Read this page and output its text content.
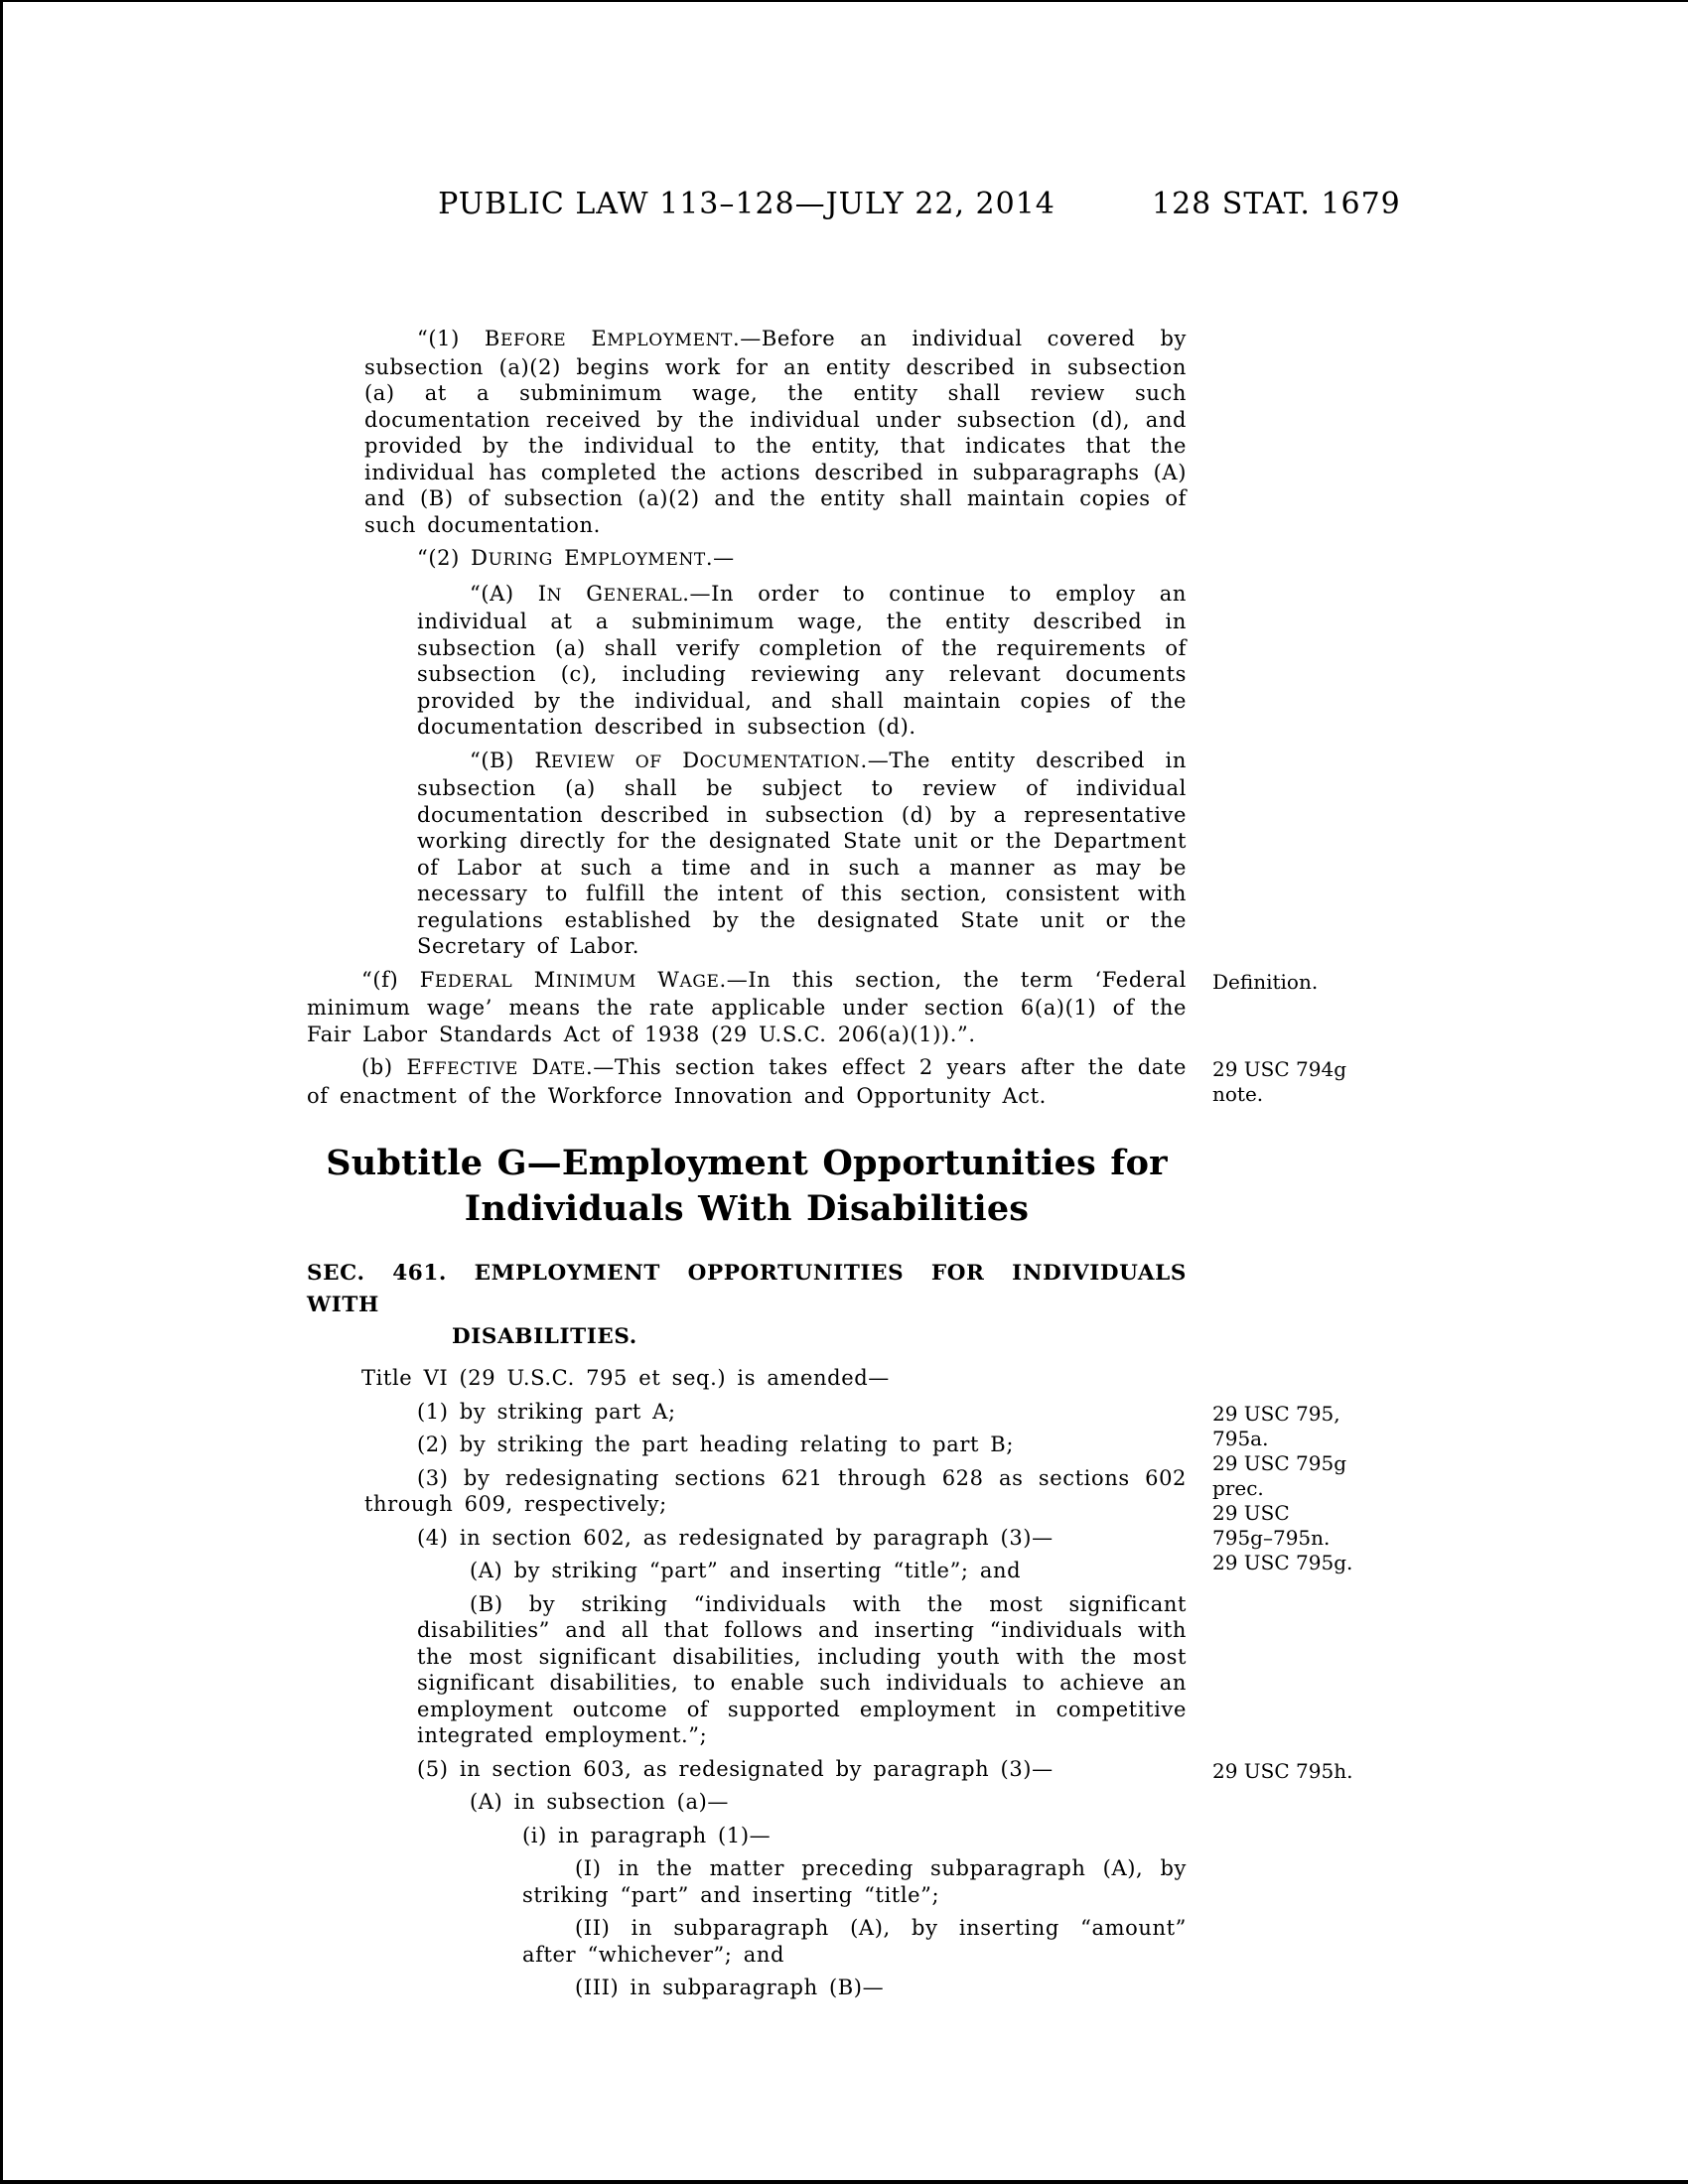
PUBLIC LAW 113–128—JULY 22, 2014	128 STAT. 1679
“(1) BEFORE EMPLOYMENT.—Before an individual covered by subsection (a)(2) begins work for an entity described in subsection (a) at a subminimum wage, the entity shall review such documentation received by the individual under subsection (d), and provided by the individual to the entity, that indicates that the individual has completed the actions described in subparagraphs (A) and (B) of subsection (a)(2) and the entity shall maintain copies of such documentation.
“(2) DURING EMPLOYMENT.—
“(A) IN GENERAL.—In order to continue to employ an individual at a subminimum wage, the entity described in subsection (a) shall verify completion of the requirements of subsection (c), including reviewing any relevant documents provided by the individual, and shall maintain copies of the documentation described in subsection (d).
“(B) REVIEW OF DOCUMENTATION.—The entity described in subsection (a) shall be subject to review of individual documentation described in subsection (d) by a representative working directly for the designated State unit or the Department of Labor at such a time and in such a manner as may be necessary to fulfill the intent of this section, consistent with regulations established by the designated State unit or the Secretary of Labor.
“(f) FEDERAL MINIMUM WAGE.—In this section, the term ‘Federal minimum wage’ means the rate applicable under section 6(a)(1) of the Fair Labor Standards Act of 1938 (29 U.S.C. 206(a)(1)).”.
Definition.
(b) EFFECTIVE DATE.—This section takes effect 2 years after the date of enactment of the Workforce Innovation and Opportunity Act.
29 USC 794g
note.
Subtitle G—Employment Opportunities for
Individuals With Disabilities
SEC. 461. EMPLOYMENT OPPORTUNITIES FOR INDIVIDUALS WITH
DISABILITIES.
Title VI (29 U.S.C. 795 et seq.) is amended—
(1) by striking part A;	29 USC 795,
795a.
29 USC 795g
prec.
29 USC
795g–795n.
29 USC 795g.
(2) by striking the part heading relating to part B;
(3) by redesignating sections 621 through 628 as sections 602 through 609, respectively;
(4) in section 602, as redesignated by paragraph (3)—
(A) by striking “part” and inserting “title”; and
(B) by striking “individuals with the most significant disabilities” and all that follows and inserting “individuals with the most significant disabilities, including youth with the most significant disabilities, to enable such individuals to achieve an employment outcome of supported employment in competitive integrated employment.”;
(5) in section 603, as redesignated by paragraph (3)—	29 USC 795h.
(A) in subsection (a)—
(i) in paragraph (1)—
(I) in the matter preceding subparagraph (A), by striking “part” and inserting “title”;
(II) in subparagraph (A), by inserting “amount” after “whichever”; and
(III) in subparagraph (B)—
